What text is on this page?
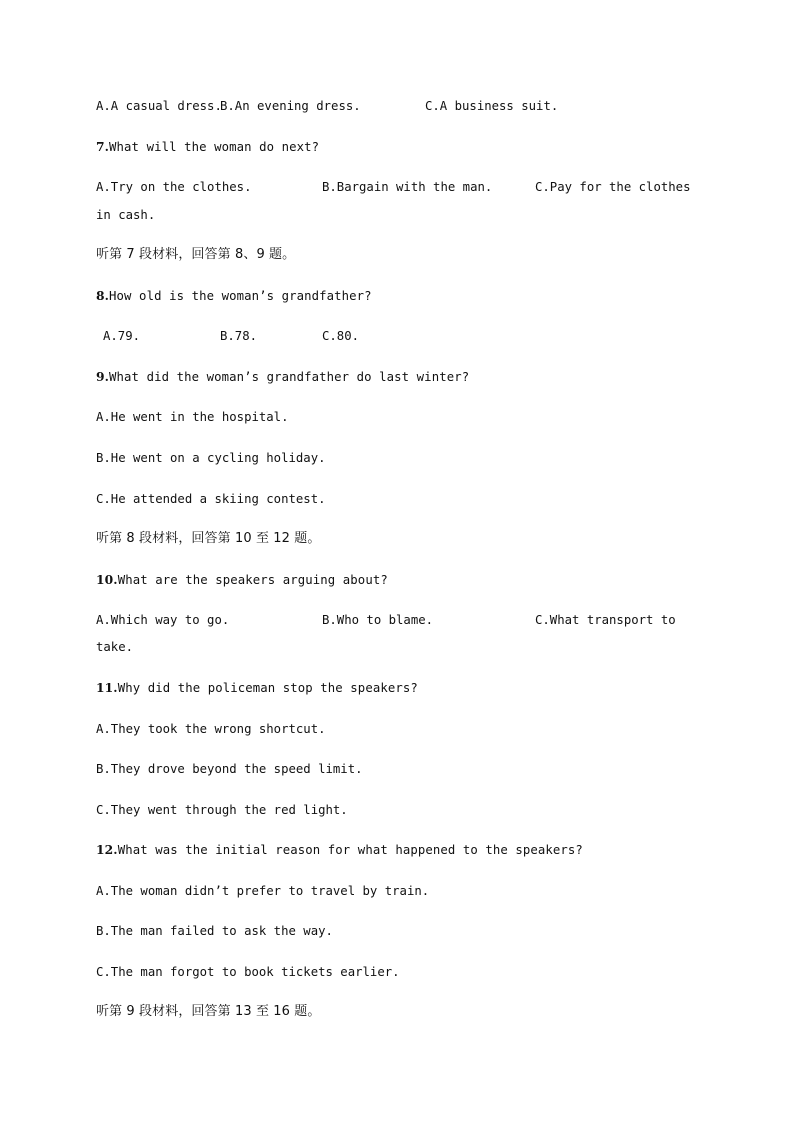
A.A casual dress.
B.An evening dress.	C.A business suit.
7.What will the woman do next?
A.Try on the clothes.	B.Bargain with the man.	C.Pay for the clothes
in cash.
听第 7 段材料，回答第 8、9 题。
8.How old is the woman’s grandfather?
A.79.	B.78.	C.80.
9.What did the woman’s grandfather do last winter?
A.He went in the hospital.
B.He went on a cycling holiday.
C.He attended a skiing contest.
听第 8 段材料，回答第 10 至 12 题。
10.What are the speakers arguing about?
A.Which way to go.	B.Who to blame.	C.What transport to
take.
11.Why did the policeman stop the speakers?
A.They took the wrong shortcut.
B.They drove beyond the speed limit.
C.They went through the red light.
12.What was the initial reason for what happened to the speakers?
A.The woman didn’t prefer to travel by train.
B.The man failed to ask the way.
C.The man forgot to book tickets earlier.
听第 9 段材料，回答第 13 至 16 题。
